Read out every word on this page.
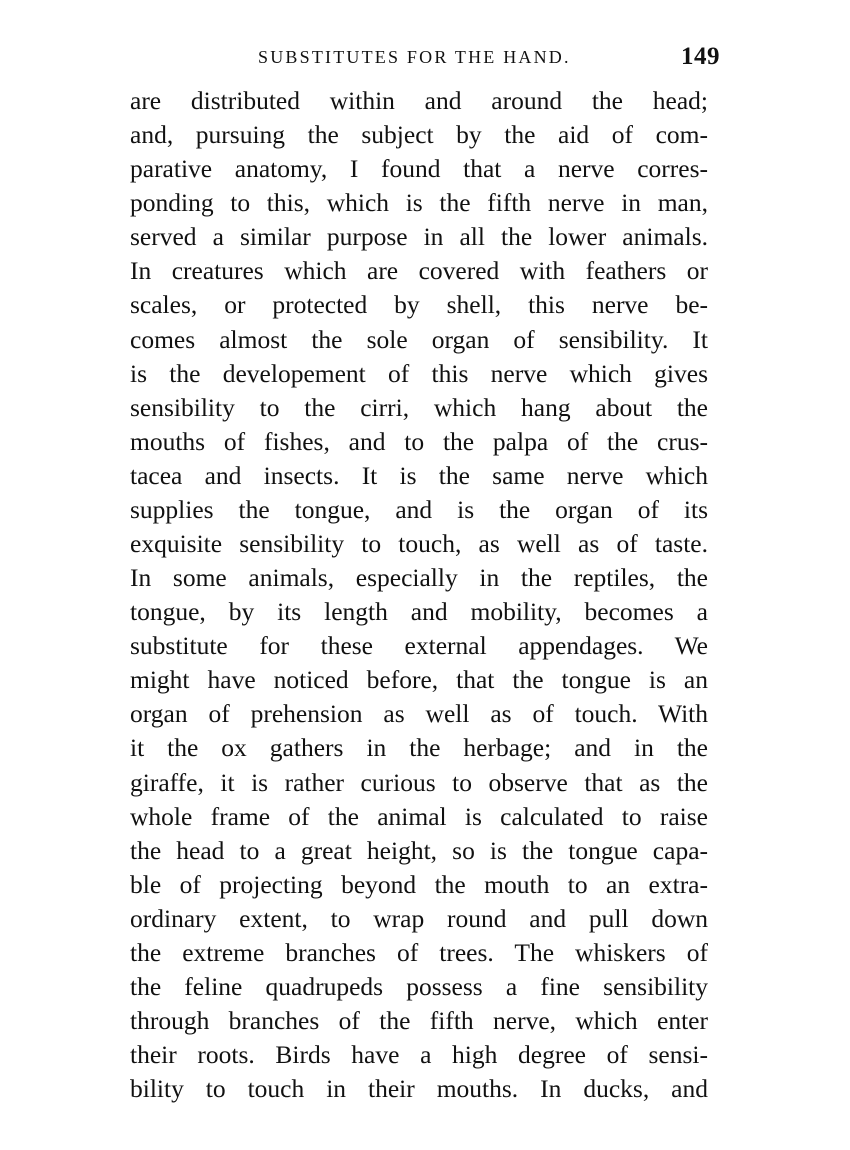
SUBSTITUTES FOR THE HAND.	149
are distributed within and around the head;
and, pursuing the subject by the aid of com-
parative anatomy, I found that a nerve corres-
ponding to this, which is the fifth nerve in man,
served a similar purpose in all the lower animals.
In creatures which are covered with feathers or
scales, or protected by shell, this nerve be-
comes almost the sole organ of sensibility. It
is the developement of this nerve which gives
sensibility to the cirri, which hang about the
mouths of fishes, and to the palpa of the crus-
tacea and insects. It is the same nerve which
supplies the tongue, and is the organ of its
exquisite sensibility to touch, as well as of taste.
In some animals, especially in the reptiles, the
tongue, by its length and mobility, becomes a
substitute for these external appendages. We
might have noticed before, that the tongue is an
organ of prehension as well as of touch. With
it the ox gathers in the herbage; and in the
giraffe, it is rather curious to observe that as the
whole frame of the animal is calculated to raise
the head to a great height, so is the tongue capa-
ble of projecting beyond the mouth to an extra-
ordinary extent, to wrap round and pull down
the extreme branches of trees. The whiskers of
the feline quadrupeds possess a fine sensibility
through branches of the fifth nerve, which enter
their roots. Birds have a high degree of sensi-
bility to touch in their mouths. In ducks, and
